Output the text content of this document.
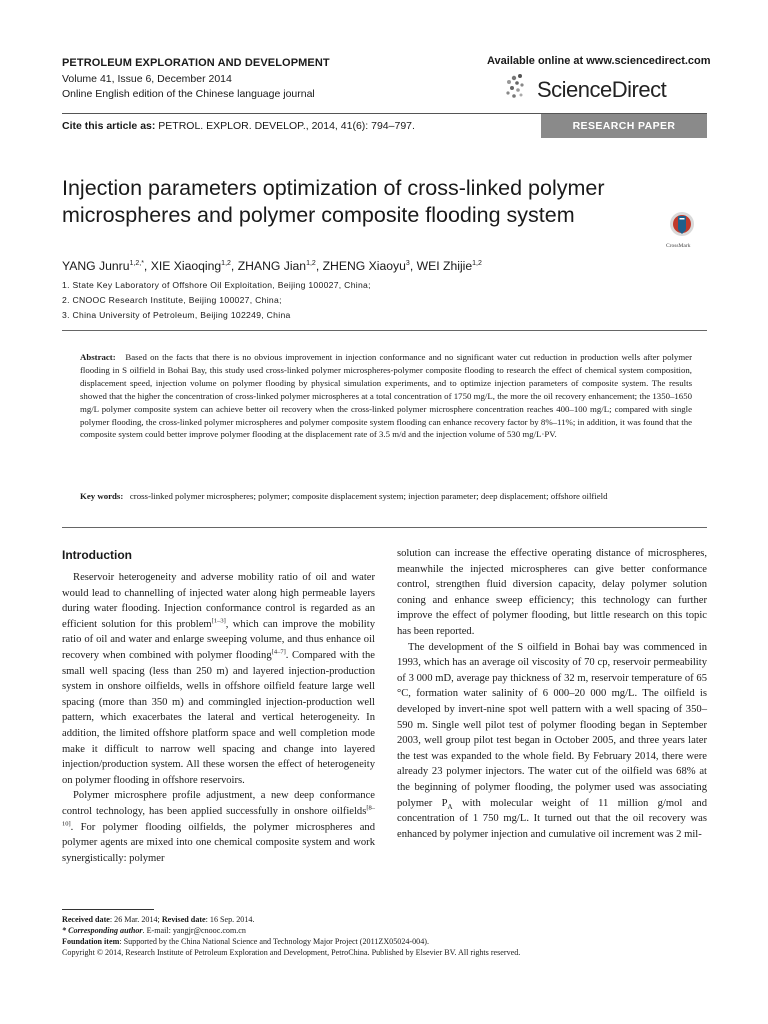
PETROLEUM EXPLORATION AND DEVELOPMENT
Volume 41, Issue 6, December 2014
Online English edition of the Chinese language journal
Available online at www.sciencedirect.com
ScienceDirect
Cite this article as: PETROL. EXPLOR. DEVELOP., 2014, 41(6): 794–797.	RESEARCH PAPER
Injection parameters optimization of cross-linked polymer microspheres and polymer composite flooding system
CrossMark
YANG Junru$^{1,2,*}$, XIE Xiaoqing$^{1,2}$, ZHANG Jian$^{1,2}$, ZHENG Xiaoyu$^3$, WEI Zhijie$^{1,2}$
1. State Key Laboratory of Offshore Oil Exploitation, Beijing 100027, China;
2. CNOOC Research Institute, Beijing 100027, China;
3. China University of Petroleum, Beijing 102249, China
Abstract: Based on the facts that there is no obvious improvement in injection conformance and no significant water cut reduction in production wells after polymer flooding in S oilfield in Bohai Bay, this study used cross-linked polymer microspheres-polymer composite flooding to research the effect of chemical system composition, displacement speed, injection volume on polymer flooding by physical simulation experiments, and to optimize injection parameters of composite system. The results showed that the higher the concentration of cross-linked polymer microspheres at a total concentration of 1750 mg/L, the more the oil recovery enhancement; the 1350–1650 mg/L polymer composite system can achieve better oil recovery when the cross-linked polymer microsphere concentration reaches 400–100 mg/L; compared with single polymer flooding, the cross-linked polymer microspheres and polymer composite system flooding can enhance recovery factor by 8%–11%; in addition, it was found that the composite system could better improve polymer flooding at the displacement rate of 3.5 m/d and the injection volume of 530 mg/L·PV.
Key words: cross-linked polymer microspheres; polymer; composite displacement system; injection parameter; deep displacement; offshore oilfield
Introduction

Reservoir heterogeneity and adverse mobility ratio of oil and water would lead to channelling of injected water along high permeable layers during water flooding. Injection conformance control is regarded as an efficient solution for this problem[1–3], which can improve the mobility ratio of oil and water and enlarge sweeping volume, and thus enhance oil recovery when combined with polymer flooding[4–7]. Compared with the small well spacing (less than 250 m) and layered injection-production system in onshore oilfields, wells in offshore oilfield feature large well spacing (more than 350 m) and commingled injection-production well pattern, which exacerbates the lateral and vertical heterogeneity. In addition, the limited offshore platform space and well completion mode make it difficult to narrow well spacing and change into layered injection/production system. All these worsen the effect of heterogeneity on polymer flooding in offshore reservoirs.

Polymer microsphere profile adjustment, a new deep conformance control technology, has been applied successfully in onshore oilfields[8–10]. For polymer flooding oilfields, the polymer microspheres and polymer agents are mixed into one chemical composite system and work synergistically: polymer

solution can increase the effective operating distance of microspheres, meanwhile the injected microspheres can give better conformance control, strengthen fluid diversion capacity, delay polymer solution coning and enhance sweep efficiency; this technology can further improve the effect of polymer flooding, but little research on this topic has been reported.

The development of the S oilfield in Bohai bay was commenced in 1993, which has an average oil viscosity of 70 cp, reservoir permeability of 3 000 mD, average pay thickness of 32 m, reservoir temperature of 65 °C, formation water salinity of 6 000–20 000 mg/L. The oilfield is developed by invert-nine spot well pattern with a well spacing of 350–590 m. Single well pilot test of polymer flooding began in September 2003, well group pilot test began in October 2005, and three years later the test was expanded to the whole field. By February 2014, there were already 23 polymer injectors. The water cut of the oilfield was 68% at the beginning of polymer flooding, the polymer used was associating polymer $P_A$ with molecular weight of 11 million g/mol and concentration of 1 750 mg/L. It turned out that the oil recovery was enhanced by polymer injection and cumulative oil increment was 2 mil-

Received date: 26 Mar. 2014; Revised date: 16 Sep. 2014.
* Corresponding author. E-mail: yangjr@cnooc.com.cn
Foundation item: Supported by the China National Science and Technology Major Project (2011ZX05024-004).
Copyright © 2014, Research Institute of Petroleum Exploration and Development, PetroChina. Published by Elsevier BV. All rights reserved.
